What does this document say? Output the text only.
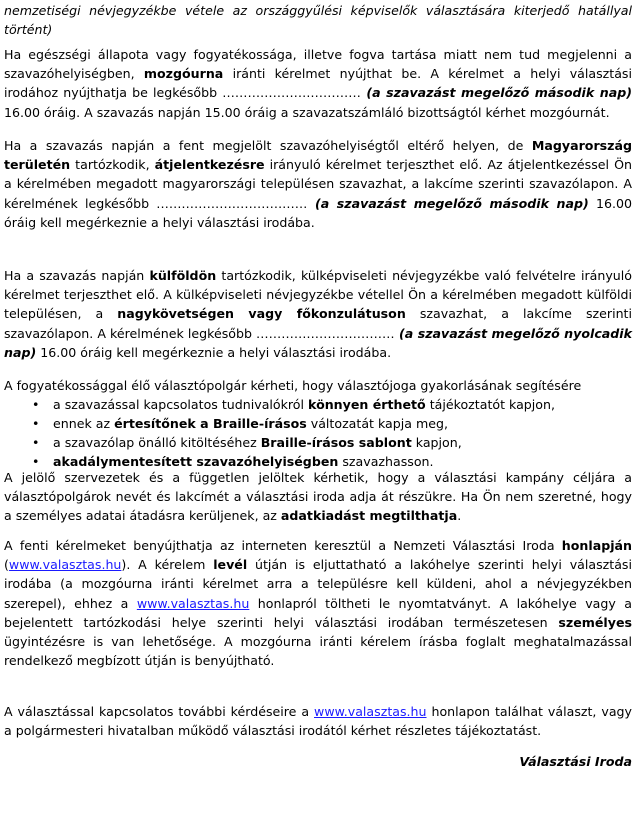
nemzetiségi névjegyzékbe vétele az országgyűlési képviselők választására kiterjedő hatállyal történt)

Ha egészségi állapota vagy fogyatékossága, illetve fogva tartása miatt nem tud megjelenni a szavazóhelyiségben, mozgóurna iránti kérelmet nyújthat be. A kérelmet a helyi választási irodához nyújthatja be legkésőbb …………………………… (a szavazást megelőző második nap) 16.00 óráig. A szavazás napján 15.00 óráig a szavazatszámláló bizottságtól kérhet mozgóurnát.

Ha a szavazás napján a fent megjelölt szavazóhelyiségtől eltérő helyen, de Magyarország területén tartózkodik, átjelentkezésre irányuló kérelmet terjeszthet elő. Az átjelentkezéssel Ön a kérelmében megadott magyarországi településen szavazhat, a lakcíme szerinti szavazólapon. A kérelmének legkésőbb ……………………………… (a szavazást megelőző második nap) 16.00 óráig kell megérkeznie a helyi választási irodába.

Ha a szavazás napján külföldön tartózkodik, külképviseleti névjegyzékbe való felvételre irányuló kérelmet terjeszthet elő. A külképviseleti névjegyzékbe vétellel Ön a kérelmében megadott külföldi településen, a nagykövetségen vagy főkonzulátuson szavazhat, a lakcíme szerinti szavazólapon. A kérelmének legkésőbb …………………………… (a szavazást megelőző nyolcadik nap) 16.00 óráig kell megérkeznie a helyi választási irodába.

A fogyatékossággal élő választópolgár kérheti, hogy választójoga gyakorlásának segítésére

• a szavazással kapcsolatos tudnivalókról könnyen érthető tájékoztatót kapjon,
• ennek az értesítőnek a Braille-írásos változatát kapja meg,
• a szavazólap önálló kitöltéséhez Braille-írásos sablont kapjon,
• akadálymentesített szavazóhelyiségben szavazhasson.

A jelölő szervezetek és a független jelöltek kérhetik, hogy a választási kampány céljára a választópolgárok nevét és lakcímét a választási iroda adja át részükre. Ha Ön nem szeretné, hogy a személyes adatai átadásra kerüljenek, az adatkiadást megtilthatja.

A fenti kérelmeket benyújthatja az interneten keresztül a Nemzeti Választási Iroda honlapján (www.valasztas.hu). A kérelem levél útján is eljuttatható a lakóhelye szerinti helyi választási irodába (a mozgóurna iránti kérelmet arra a településre kell küldeni, ahol a névjegyzékben szerepel), ehhez a www.valasztas.hu honlapról töltheti le nyomtatványt. A lakóhelye vagy a bejelentett tartózkodási helye szerinti helyi választási irodában természetesen személyes ügyintézésre is van lehetősége. A mozgóurna iránti kérelem írásba foglalt meghatalmazással rendelkező megbízott útján is benyújtható.

A választással kapcsolatos további kérdéseire a www.valasztas.hu honlapon találhat választ, vagy a polgármesteri hivatalban működő választási irodától kérhet részletes tájékoztatást.

Választási Iroda
